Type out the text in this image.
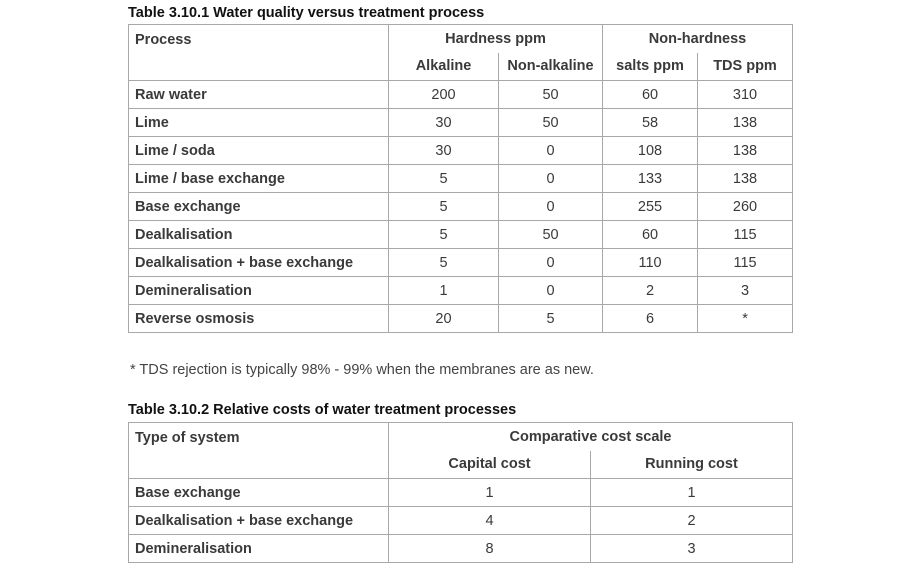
Table 3.10.1 Water quality versus treatment process
Process	Hardness ppm		Non-hardness	
	Alkaline	Non-alkaline	salts ppm	TDS ppm
Raw water	200	50	60	310
Lime	30	50	58	138
Lime / soda	30	0	108	138
Lime / base exchange	5	0	133	138
Base exchange	5	0	255	260
Dealkalisation	5	50	60	115
Dealkalisation + base exchange	5	0	110	115
Demineralisation	1	0	2	3
Reverse osmosis	20	5	6	*
* TDS rejection is typically 98% - 99% when the membranes are as new.
Table 3.10.2 Relative costs of water treatment processes
Type of system	Comparative cost scale	
	Capital cost	Running cost
Base exchange	1	1
Dealkalisation + base exchange	4	2
Demineralisation	8	3
